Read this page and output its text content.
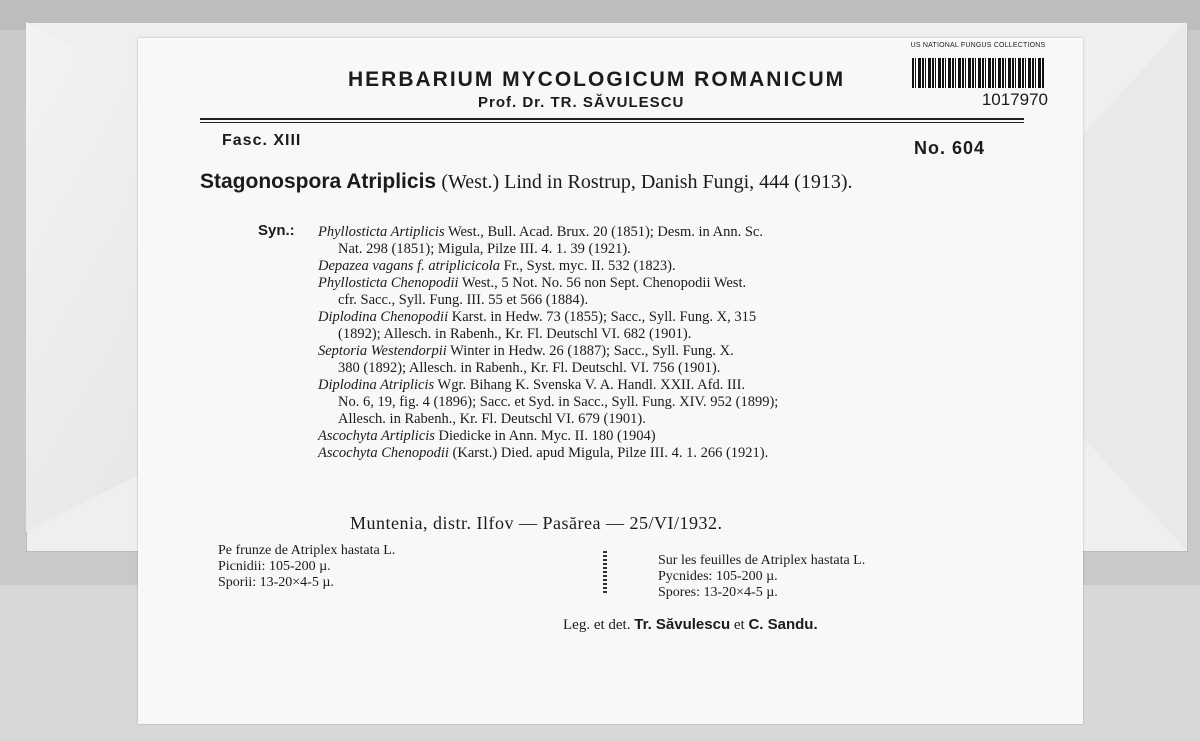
HERBARIUM MYCOLOGICUM ROMANICUM
Prof. Dr. TR. SĂVULESCU
US NATIONAL FUNGUS COLLECTIONS
1017970
Fasc. XIII	No. 604
Stagonospora Atriplicis (West.) Lind in Rostrup, Danish Fungi, 444 (1913).
Syn.: Phyllosticta Artiplicis West., Bull. Acad. Brux. 20 (1851); Desm. in Ann. Sc.
Nat. 298 (1851); Migula, Pilze III. 4. 1. 39 (1921).
Depazea vagans f. atriplicicola Fr., Syst. myc. II. 532 (1823).
Phyllosticta Chenopodii West., 5 Not. No. 56 non Sept. Chenopodii West.
cfr. Sacc., Syll. Fung. III. 55 et 566 (1884).
Diplodina Chenopodii Karst. in Hedw. 73 (1855); Sacc., Syll. Fung. X, 315
(1892); Allesch. in Rabenh., Kr. Fl. Deutschl VI. 682 (1901).
Septoria Westendorpii Winter in Hedw. 26 (1887); Sacc., Syll. Fung. X.
380 (1892); Allesch. in Rabenh., Kr. Fl. Deutschl. VI. 756 (1901).
Diplodina Atriplicis Wgr. Bihang K. Svenska V. A. Handl. XXII. Afd. III.
No. 6, 19, fig. 4 (1896); Sacc. et Syd. in Sacc., Syll. Fung. XIV. 952 (1899);
Allesch. in Rabenh., Kr. Fl. Deutschl VI. 679 (1901).
Ascochyta Artiplicis Diedicke in Ann. Myc. II. 180 (1904)
Ascochyta Chenopodii (Karst.) Died. apud Migula, Pilze III. 4. 1. 266 (1921).
Muntenia, distr. Ilfov — Pasărea — 25/VI/1932.
Pe frunze de Atriplex hastata L.
Picnidii: 105-200 µ.
Sporii: 13-20×4-5 µ.
Sur les feuilles de Atriplex hastata L.
Pycnides: 105-200 µ.
Spores: 13-20×4-5 µ.
Leg. et det. Tr. Săvulescu et C. Sandu.
